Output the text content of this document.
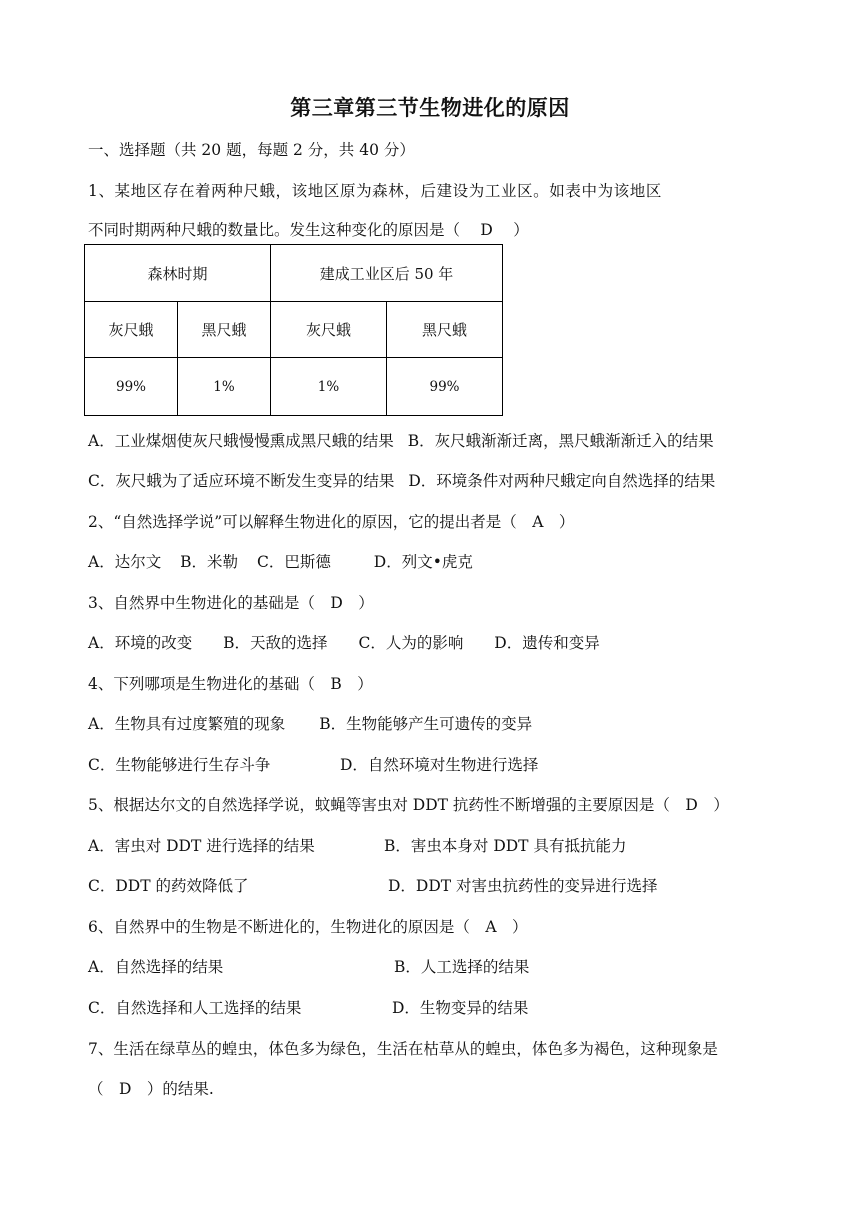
第三章第三节生物进化的原因
一、选择题（共 20 题，每题 2 分，共 40 分）
1、某地区存在着两种尺蛾，该地区原为森林，后建设为工业区。如表中为该地区
不同时期两种尺蛾的数量比。发生这种变化的原因是（　 D　 ）
森林时期		建成工业区后 50 年	
灰尺蛾	黑尺蛾	灰尺蛾	黑尺蛾
99%	1%	1%	99%
A．工业煤烟使灰尺蛾慢慢熏成黑尺蛾的结果 B．灰尺蛾渐渐迁离，黑尺蛾渐渐迁入的结果
C．灰尺蛾为了适应环境不断发生变异的结果 D．环境条件对两种尺蛾定向自然选择的结果
2、“自然选择学说”可以解释生物进化的原因，它的提出者是（　A　）
A．达尔文 B．米勒 C．巴斯德	D．列文•虎克
3、自然界中生物进化的基础是（　D　）
A．环境的改变 B．天敌的选择 C．人为的影响 D．遗传和变异
4、下列哪项是生物进化的基础（　B　）
A．生物具有过度繁殖的现象 B．生物能够产生可遗传的变异
C．生物能够进行生存斗争	D．自然环境对生物进行选择
5、根据达尔文的自然选择学说，蚊蝇等害虫对 DDT 抗药性不断增强的主要原因是（　D　）
A．害虫对 DDT 进行选择的结果	B．害虫本身对 DDT 具有抵抗能力
C．DDT 的药效降低了	D．DDT 对害虫抗药性的变异进行选择
6、自然界中的生物是不断进化的，生物进化的原因是（　A　）
A．自然选择的结果	B．人工选择的结果
C．自然选择和人工选择的结果	D．生物变异的结果
7、生活在绿草丛的蝗虫，体色多为绿色，生活在枯草从的蝗虫，体色多为褐色，这种现象是
（　D　）的结果.
